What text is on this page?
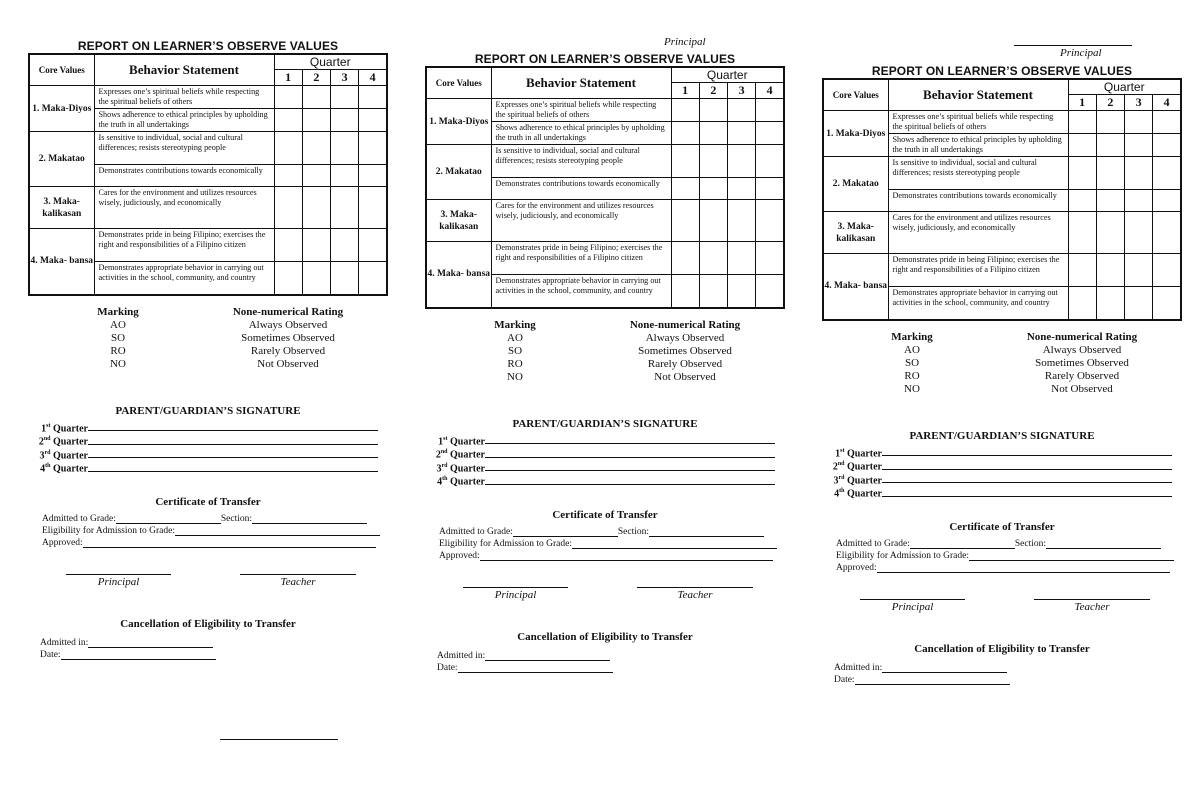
REPORT ON LEARNER’S OBSERVE VALUES
Core Values	Behavior Statement	Quarter			
		1	2	3	4
1. Maka-Diyos	Expresses one’s spiritual beliefs while respecting the spiritual beliefs of others				
	Shows adherence to ethical principles by upholding the truth in all undertakings				
2. Makatao	Is sensitive to individual, social and cultural differences; resists stereotyping people				
	Demonstrates contributions towards economically				
3. Maka- kalikasan	Cares for the environment and utilizes resources wisely, judiciously, and economically				
4. Maka- bansa	Demonstrates pride in being Filipino; exercises the right and responsibilities of a Filipino citizen				
	Demonstrates appropriate behavior in carrying out activities in the school, community, and country				
Marking	None-numerical Rating
AO	Always Observed
SO	Sometimes Observed
RO	Rarely Observed
NO	Not Observed
PARENT/GUARDIAN’S SIGNATURE
1st Quarter
2nd Quarter
3rd Quarter
4th Quarter
Certificate of Transfer
Admitted to Grade:	Section:
Eligibility for Admission to Grade:
Approved:
Principal	Teacher
Cancellation of Eligibility to Transfer
Admitted in:
Date:
REPORT ON LEARNER’S OBSERVE VALUES
Core Values	Behavior Statement	Quarter			
		1	2	3	4
1. Maka-Diyos	Expresses one’s spiritual beliefs while respecting the spiritual beliefs of others				
	Shows adherence to ethical principles by upholding the truth in all undertakings				
2. Makatao	Is sensitive to individual, social and cultural differences; resists stereotyping people				
	Demonstrates contributions towards economically				
3. Maka- kalikasan	Cares for the environment and utilizes resources wisely, judiciously, and economically				
4. Maka- bansa	Demonstrates pride in being Filipino; exercises the right and responsibilities of a Filipino citizen				
	Demonstrates appropriate behavior in carrying out activities in the school, community, and country				
Marking	None-numerical Rating
AO	Always Observed
SO	Sometimes Observed
RO	Rarely Observed
NO	Not Observed
PARENT/GUARDIAN’S SIGNATURE
1st Quarter
2nd Quarter
3rd Quarter
4th Quarter
Certificate of Transfer
Admitted to Grade:	Section:
Eligibility for Admission to Grade:
Approved:
Principal	Teacher
Cancellation of Eligibility to Transfer
Admitted in:
Date:
REPORT ON LEARNER’S OBSERVE VALUES
Core Values	Behavior Statement	Quarter			
		1	2	3	4
1. Maka-Diyos	Expresses one’s spiritual beliefs while respecting the spiritual beliefs of others				
	Shows adherence to ethical principles by upholding the truth in all undertakings				
2. Makatao	Is sensitive to individual, social and cultural differences; resists stereotyping people				
	Demonstrates contributions towards economically				
3. Maka- kalikasan	Cares for the environment and utilizes resources wisely, judiciously, and economically				
4. Maka- bansa	Demonstrates pride in being Filipino; exercises the right and responsibilities of a Filipino citizen				
	Demonstrates appropriate behavior in carrying out activities in the school, community, and country				
Marking	None-numerical Rating
AO	Always Observed
SO	Sometimes Observed
RO	Rarely Observed
NO	Not Observed
PARENT/GUARDIAN’S SIGNATURE
1st Quarter
2nd Quarter
3rd Quarter
4th Quarter
Certificate of Transfer
Admitted to Grade:	Section:
Eligibility for Admission to Grade:
Approved:
Principal	Teacher
Cancellation of Eligibility to Transfer
Admitted in:
Date:
Principal
Principal
